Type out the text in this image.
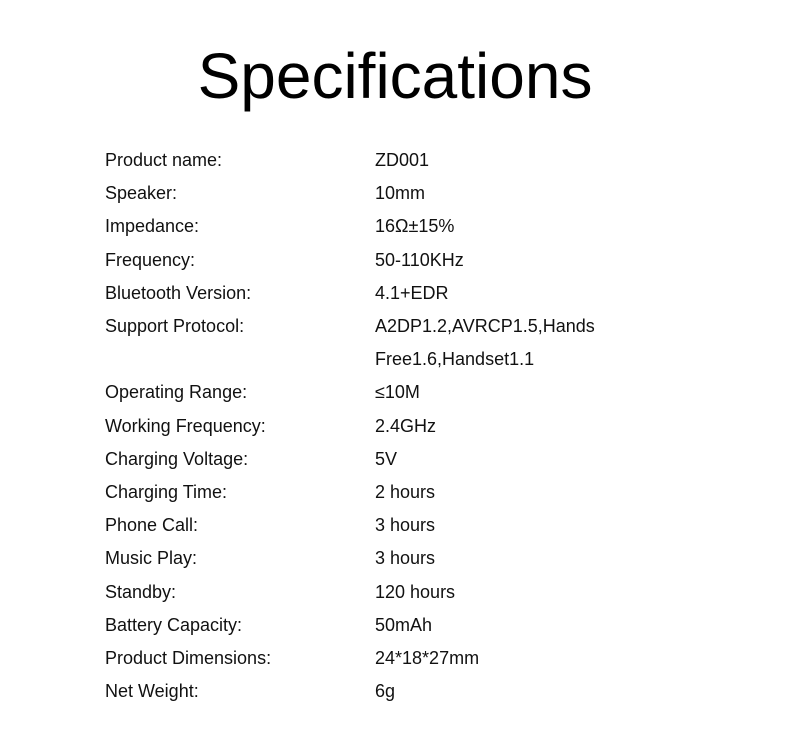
Specifications
Product name:	ZD001
Speaker:	10mm
Impedance:	16Ω±15%
Frequency:	50-110KHz
Bluetooth Version:	4.1+EDR
Support Protocol:	A2DP1.2,AVRCP1.5,Hands
Free1.6,Handset1.1
Operating Range:	≤10M
Working Frequency:	2.4GHz
Charging Voltage:	5V
Charging Time:	2 hours
Phone Call:	3 hours
Music Play:	3 hours
Standby:	120 hours
Battery Capacity:	50mAh
Product Dimensions:	24*18*27mm
Net Weight:	6g
